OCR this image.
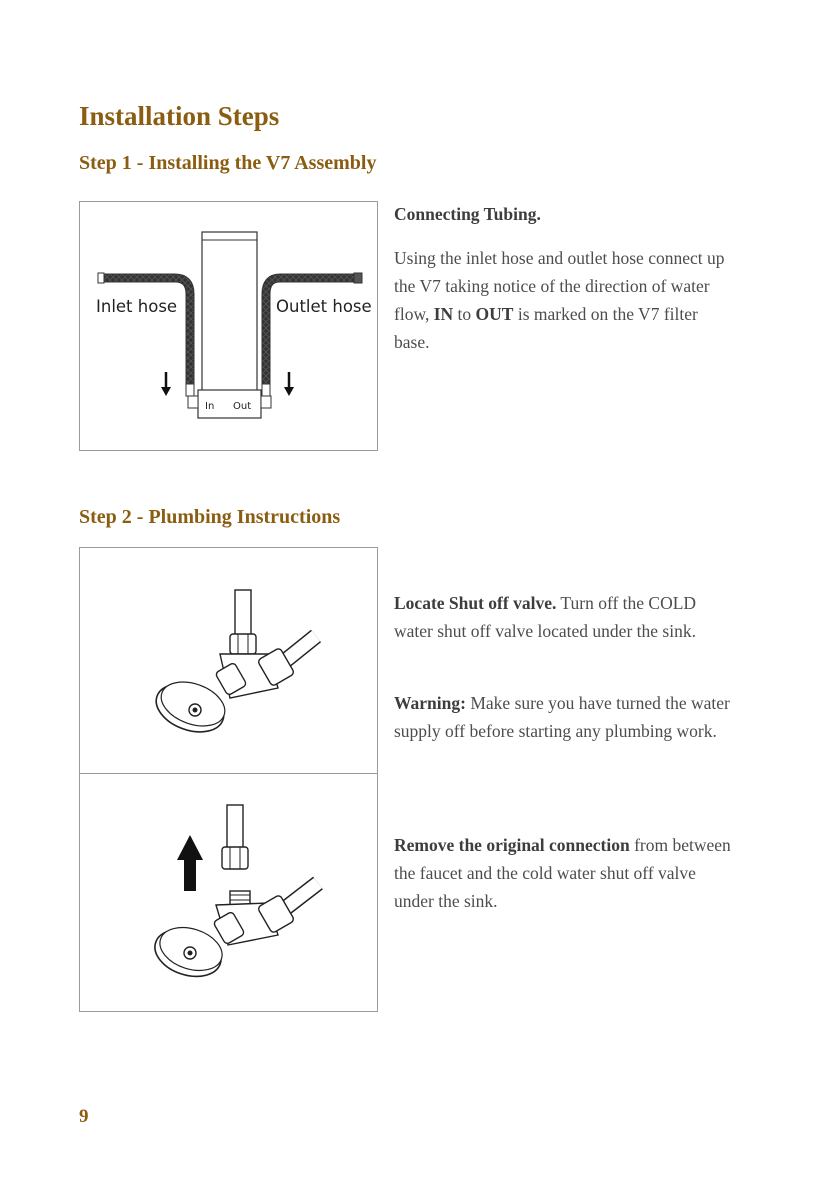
Installation Steps
Step 1 - Installing the V7 Assembly
Inlet hose	Outlet hose
In Out

Connecting Tubing.

Using the inlet hose and outlet hose connect up the V7 taking notice of the direction of water flow, IN to OUT is marked on the V7 filter base.

Step 2 - Plumbing Instructions

Locate Shut off valve. Turn off the COLD water shut off valve located under the sink.

Warning: Make sure you have turned the water supply off before starting any plumbing work.

Remove the original connection from between the faucet and the cold water shut off valve under the sink.

9
